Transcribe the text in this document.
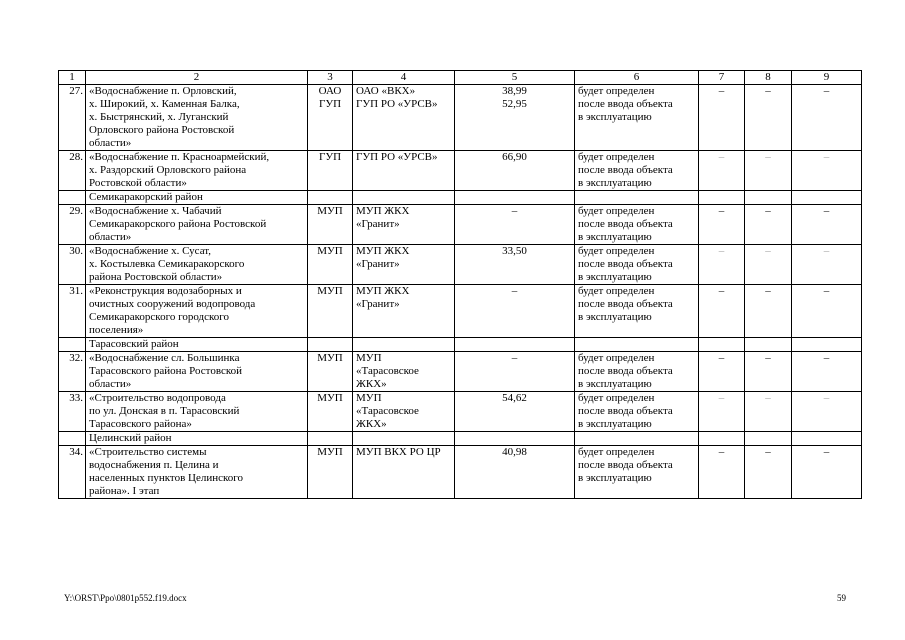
1	2	3	4	5	6	7	8	9
27.	«Водоснабжение п. Орловский,
х. Широкий, х. Каменная Балка,
х. Быстрянский, х. Луганский
Орловского района Ростовской
области»	ОАО
ГУП	ОАО «ВКХ»
ГУП РО «УРСВ»	38,99
52,95	будет определен
после ввода объекта
в эксплуатацию	–	–	–
28.	«Водоснабжение п. Красноармейский,
х. Раздорский Орловского района
Ростовской области»	ГУП	ГУП РО «УРСВ»	66,90	будет определен
после ввода объекта
в эксплуатацию	–	–	–
	Семикаракорский район							
29.	«Водоснабжение х. Чабачий
Семикаракорского района Ростовской
области»	МУП	МУП ЖКХ
«Гранит»	–	будет определен
после ввода объекта
в эксплуатацию	–	–	–
30.	«Водоснабжение х. Сусат,
х. Костылевка Семикаракорского
района Ростовской области»	МУП	МУП ЖКХ
«Гранит»	33,50	будет определен
после ввода объекта
в эксплуатацию	–	–	–
31.	«Реконструкция водозаборных и
очистных сооружений водопровода
Семикаракорского городского
поселения»	МУП	МУП ЖКХ
«Гранит»	–	будет определен
после ввода объекта
в эксплуатацию	–	–	–
	Тарасовский район							
32.	«Водоснабжение сл. Большинка
Тарасовского района Ростовской
области»	МУП	МУП
«Тарасовское
ЖКХ»	–	будет определен
после ввода объекта
в эксплуатацию	–	–	–
33.	«Строительство водопровода
по ул. Донская в п. Тарасовский
Тарасовского района»	МУП	МУП
«Тарасовское
ЖКХ»	54,62	будет определен
после ввода объекта
в эксплуатацию	–	–	–
	Целинский район							
34.	«Строительство системы
водоснабжения п. Целина и
населенных пунктов Целинского
района». I этап	МУП	МУП ВКХ РО ЦР	40,98	будет определен
после ввода объекта
в эксплуатацию	–	–	–
Y:\ORST\Ppo\0801p552.f19.docx	59
